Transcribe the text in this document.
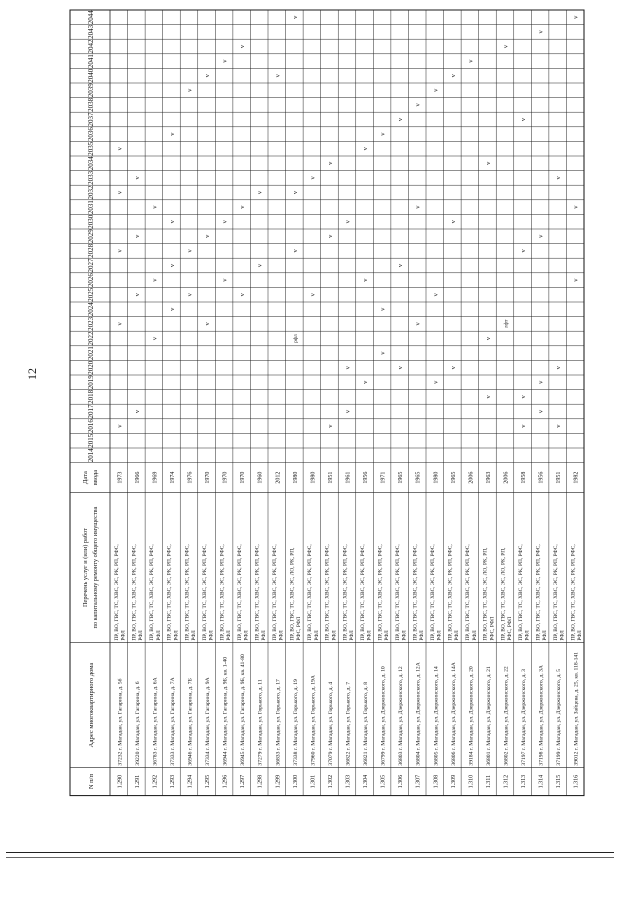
12
1.290
37232 г. Магадан, ул. Гагарина, д. 5б
ПР, ВО, ГВС, ТС, ХВС, ЭС, РК, РП, РФС, РФЛ
1973
v
v
v
v
v
1.291
39220 г. Магадан, ул. Гагарина, д. 6
ПР, ВО, ГВС, ТС, ХВС, ЭС, РК, РП, РФС, РФЛ
1966
v
v
v
v
1.292
36783 г. Магадан, ул. Гагарина, д. 6А
ПР, ВО, ГВС, ТС, ХВС, ЭС, РК, РП, РФС, РФЛ
1969
v
v
v
1.293
37333 г. Магадан, ул. Гагарина, д. 7А
ПР, ВО, ГВС, ТС, ХВС, ЭС, РК, РП, РФС, РФЛ
1974
v
v
v
v
1.294
36946 г. Магадан, ул. Гагарина, д. 7Б
ПР, ВО, ГВС, ТС, ХВС, ЭС, РК, РП, РФС, РФЛ
1976
v
v
v
1.295
37334 г. Магадан, ул. Гагарина, д. 9А
ПР, ВО, ГВС, ТС, ХВС, ЭС, РК, РП, РФС, РФЛ
1970
v
v
v
1.296
36944 г. Магадан, ул. Гагарина, д. 9Б, кв. 1-40
ПР, ВО, ГВС, ТС, ХВС, ЭС, РК, РП, РФС, РФЛ
1970
v
v
v
1.297
36945 г. Магадан, ул. Гагарина, д. 9Б, кв. 41-80
ПР, ВО, ГВС, ТС, ХВС, ЭС, РК, РП, РФС, РФЛ
1970
v
v
v
1.298
37279 г. Магадан, ул. Горького, д. 11
ПР, ВО, ГВС, ТС, ХВС, ЭС, РК, РП, РФС, РФЛ
1960
v
v
1.299
36833 г. Магадан, ул. Горького, д. 17
ПР, ВО, ГВС, ТС, ХВС, ЭС, РК, РП, РФС, РФЛ
2012
v
1.300
37338 г. Магадан, ул. Горького, д. 19
ПР, ВО, ГВС, ТС, ХВС, ЭС, ЛО, РК, РП, РФС, РФЛ
1980
рфл
v
v
v
1.301
37960 г. Магадан, ул. Горького, д. 19А
ПР, ВО, ГВС, ТС, ХВС, ЭС, РК, РП, РФС, РФЛ
1980
v
v
1.302
37079 г. Магадан, ул. Горького, д. 4
ПР, ВО, ГВС, ТС, ХВС, ЭС, РК, РП, РФС, РФЛ
1951
v
v
v
1.303
36822 г. Магадан, ул. Горького, д. 7
ПР, ВО, ГВС, ТС, ХВС, ЭС, РК, РП, РФС, РФЛ
1961
v
v
v
1.304
36821 г. Магадан, ул. Горького, д. 8
ПР, ВО, ГВС, ТС, ХВС, ЭС, РК, РП, РФС, РФЛ
1956
v
v
v
1.305
36799 г. Магадан, ул. Дзержинского, д. 10
ПР, ВО, ГВС, ТС, ХВС, ЭС, РК, РП, РФС, РФЛ
1971
v
v
v
1.306
36803 г. Магадан, ул. Дзержинского, д. 12
ПР, ВО, ГВС, ТС, ХВС, ЭС, РК, РП, РФС, РФЛ
1965
v
v
v
1.307
36804 г. Магадан, ул. Дзержинского, д. 12А
ПР, ВО, ГВС, ТС, ХВС, ЭС, РК, РП, РФС, РФЛ
1965
v
v
v
1.308
36805 г. Магадан, ул. Дзержинского, д. 14
ПР, ВО, ГВС, ТС, ХВС, ЭС, РК, РП, РФС, РФЛ
1980
v
v
v
1.309
36806 г. Магадан, ул. Дзержинского, д. 14А
ПР, ВО, ГВС, ТС, ХВС, ЭС, РК, РП, РФС, РФЛ
1965
v
v
v
1.310
39184 г. Магадан, ул. Дзержинского, д. 20
ПР, ВО, ГВС, ТС, ХВС, ЭС, РК, РП, РФС, РФЛ
2006
v
1.311
36801 г. Магадан, ул. Дзержинского, д. 21
ПР, ВО, ГВС, ТС, ХВС, ЭС, ЛО, РК, РП, РФС, РФЛ
1963
v
v
v
1.312
36802 г. Магадан, ул. Дзержинского, д. 22
ПР, ВО, ГВС, ТС, ХВС, ЭС, ЛО, РК, РП, РФС, РФЛ
2006
лфт
v
1.313
37197 г. Магадан, ул. Дзержинского, д. 3
ПР, ВО, ГВС, ТС, ХВС, ЭС, РК, РП, РФС, РФЛ
1958
v
v
v
v
1.314
37198 г. Магадан, ул. Дзержинского, д. 3А
ПР, ВО, ГВС, ТС, ХВС, ЭС, РК, РП, РФС, РФЛ
1956
v
v
v
v
1.315
37199 г. Магадан, ул. Дзержинского, д. 5
ПР, ВО, ГВС, ТС, ХВС, ЭС, РК, РП, РФС, РФЛ
1951
v
v
v
1.316
39012 г. Магадан, ул. Зайцева, д. 25, кв. 118-141
ПР, ВО, ГВС, ТС, ХВС, ЭС, РК, РП, РФС, РФЛ
1982
v
v
v
2014
2015
2016
2017
2018
2019
2020
2021
2022
2023
2024
2025
2026
2027
2028
2029
2030
2031
2032
2033
2034
2035
2036
2037
2038
2039
2040
2041
2042
2043
2044
Дата ввода
Перечень услуг и (или) работ по капитальному ремонту общего имущества
Адрес многоквартирного дома
N п/п
